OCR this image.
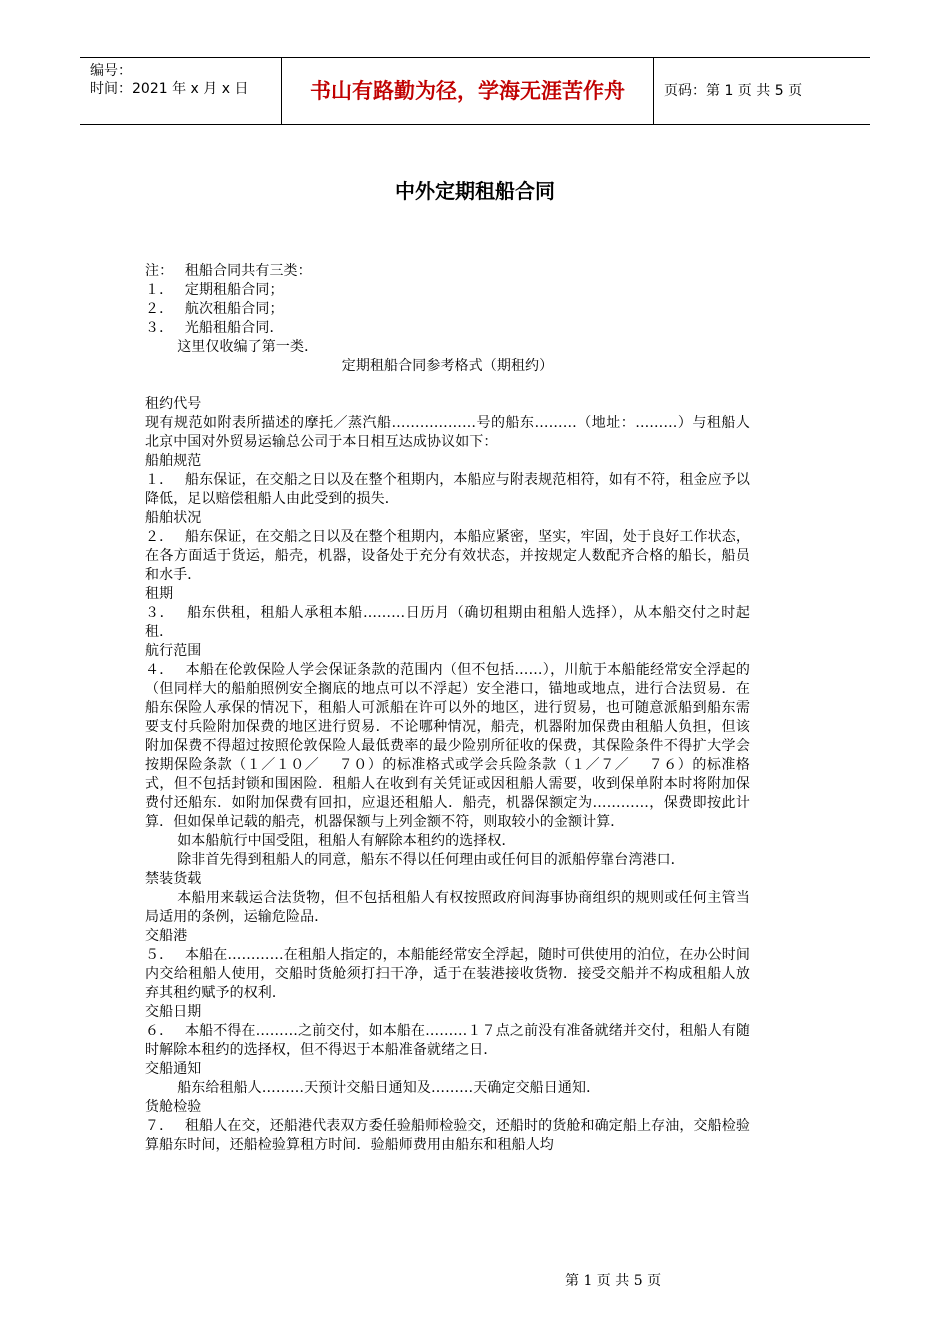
编号：
时间：2021 年 x 月 x 日	书山有路勤为径，学海无涯苦作舟	页码：第 1 页 共 5 页
中外定期租船合同

注：　 租船合同共有三类：

１．　 定期租船合同；

２．　 航次租船合同；

３．　 光船租船合同．

这里仅收编了第一类．

定期租船合同参考格式（期租约）

租约代号

现有规范如附表所描述的摩托／蒸汽船………………号的船东………（地址：………）与租船人北京中国对外贸易运输总公司于本日相互达成协议如下：

船舶规范

１．　 船东保证，在交船之日以及在整个租期内，本船应与附表规范相符，如有不符，租金应予以降低，足以赔偿租船人由此受到的损失．

船舶状况

２．　 船东保证，在交船之日以及在整个租期内，本船应紧密，坚实，牢固，处于良好工作状态，在各方面适于货运，船壳，机器，设备处于充分有效状态，并按规定人数配齐合格的船长，船员和水手．

租期

３．　 船东供租，租船人承租本船………日历月（确切租期由租船人选择），从本船交付之时起租．

航行范围

４．　 本船在伦敦保险人学会保证条款的范围内（但不包括……），川航于本船能经常安全浮起的（但同样大的船舶照例安全搁底的地点可以不浮起）安全港口，锚地或地点，进行合法贸易．在船东保险人承保的情况下，租船人可派船在许可以外的地区，进行贸易，也可随意派船到船东需要支付兵险附加保费的地区进行贸易．不论哪种情况，船壳，机器附加保费由租船人负担，但该附加保费不得超过按照伦敦保险人最低费率的最少险别所征收的保费，其保险条件不得扩大学会按期保险条款（１／１０／　 ７０）的标准格式或学会兵险条款（１／７／　 ７６）的标准格式，但不包括封锁和围困险．租船人在收到有关凭证或因租船人需要，收到保单附本时将附加保费付还船东．如附加保费有回扣，应退还租船人．船壳，机器保额定为…………，保费即按此计算．但如保单记载的船壳，机器保额与上列金额不符，则取较小的金额计算．

如本船航行中国受阻，租船人有解除本租约的选择权．

除非首先得到租船人的同意，船东不得以任何理由或任何目的派船停靠台湾港口．

禁装货载

本船用来载运合法货物，但不包括租船人有权按照政府间海事协商组织的规则或任何主管当局适用的条例，运输危险品．

交船港

５．　 本船在…………在租船人指定的，本船能经常安全浮起，随时可供使用的泊位，在办公时间内交给租船人使用，交船时货舱须打扫干净，适于在装港接收货物．接受交船并不构成租船人放弃其租约赋予的权利．

交船日期

６．　 本船不得在………之前交付，如本船在………１７点之前没有准备就绪并交付，租船人有随时解除本租约的选择权，但不得迟于本船准备就绪之日．

交船通知

船东给租船人………天预计交船日通知及………天确定交船日通知．

货舱检验

７．　 租船人在交，还船港代表双方委任验船师检验交，还船时的货舱和确定船上存油，交船检验算船东时间，还船检验算租方时间．验船师费用由船东和租船人均

第 1 页 共 5 页
